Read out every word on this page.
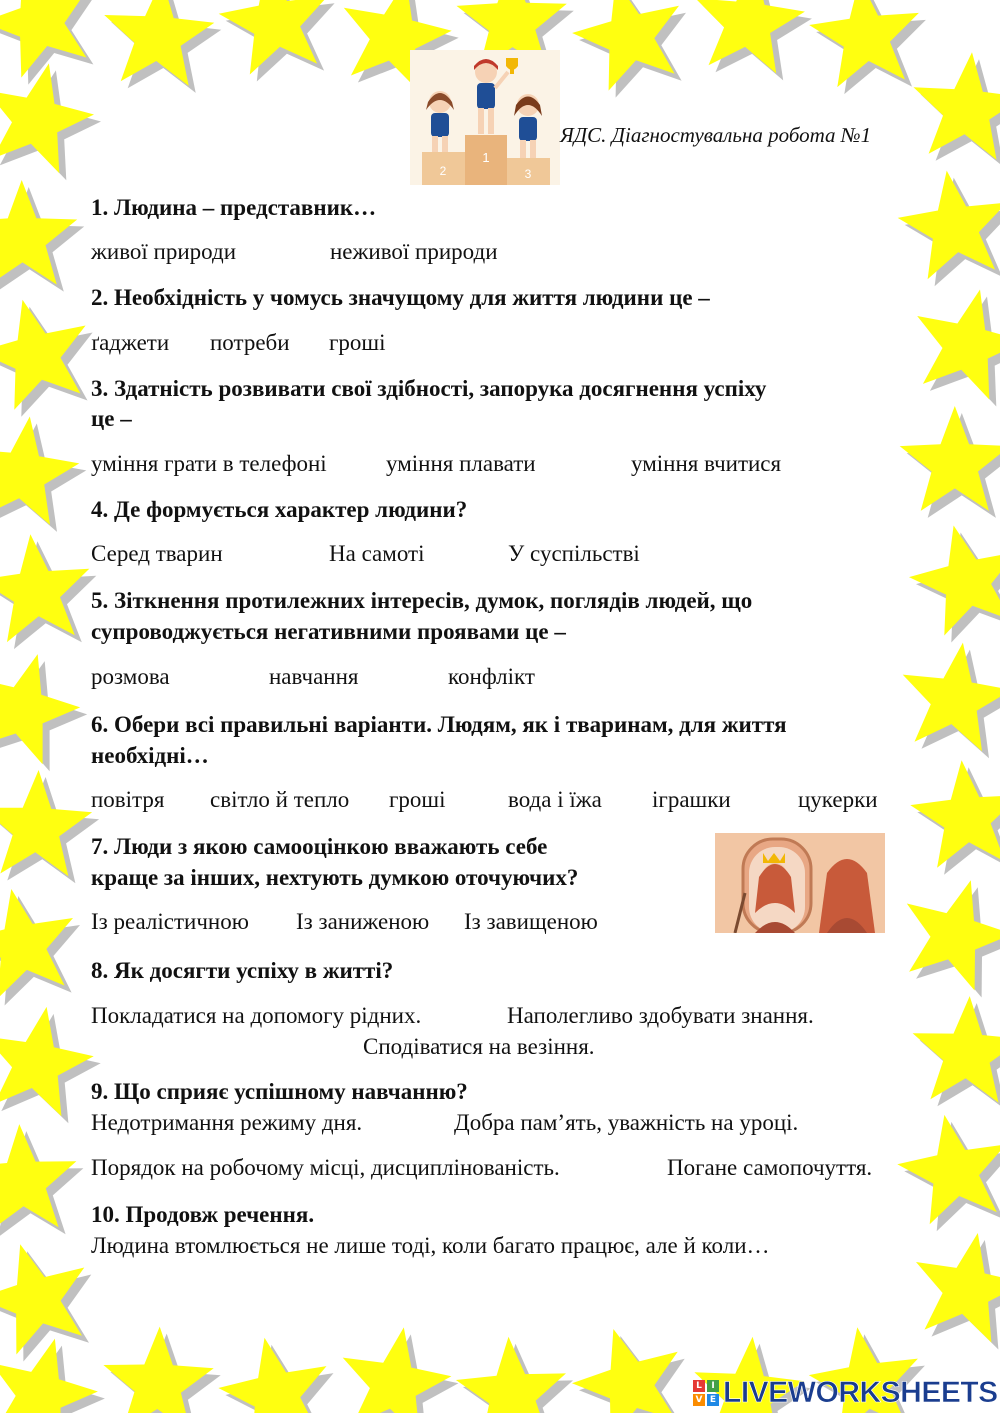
1
2	3
ЯДС. Діагностувальна робота №1
1. Людина – представник…
живої природи	неживої природи
2. Необхідність у чомусь значущому для життя людини це –
ґаджети потреби гроші
3. Здатність розвивати свої здібності, запорука досягнення успіху
це –
уміння грати в телефоні	уміння плавати	уміння вчитися
4. Де формується характер людини?
Серед тварин	На самоті	У суспільстві
5. Зіткнення протилежних інтересів, думок, поглядів людей, що
супроводжується негативними проявами це –
розмова	навчання	конфлікт
6. Обери всі правильні варіанти. Людям, як і тваринам, для життя
необхідні…
повітря світло й тепло гроші	вода і їжа іграшки	цукерки
7. Люди з якою самооцінкою вважають себе
краще за інших, нехтують думкою оточуючих?
Із реалістичною Із заниженою Із завищеною
8. Як досягти успіху в житті?
Покладатися на допомогу рідних.	Наполегливо здобувати знання.
Сподіватися на везіння.
9. Що сприяє успішному навчанню?
Недотримання режиму дня.	Добра пам’ять, уважність на уроці.
Порядок на робочому місці, дисциплінованість.	Погане самопочуття.
10. Продовж речення.
Людина втомлюється не лише тоді, коли багато працює, але й коли…
L	I
V E LIVEWORKSHEETS
